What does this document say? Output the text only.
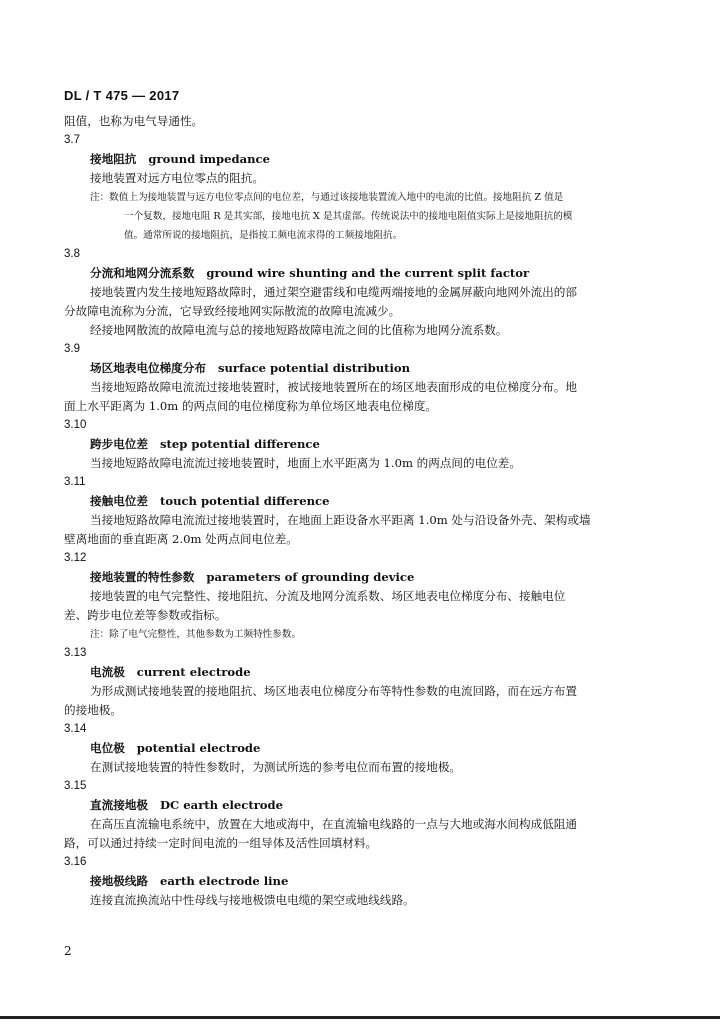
DL / T 475 — 2017

阻值，也称为电气导通性。

3.7

接地阻抗 ground impedance

接地装置对远方电位零点的阻抗。

注：数值上为接地装置与远方电位零点间的电位差，与通过该接地装置流入地中的电流的比值。接地阻抗 Z 值是

一个复数，接地电阻 R 是其实部，接地电抗 X 是其虚部。传统说法中的接地电阻值实际上是接地阻抗的模

值。通常所说的接地阻抗，是指按工频电流求得的工频接地阻抗。

3.8

分流和地网分流系数 ground wire shunting and the current split factor

接地装置内发生接地短路故障时，通过架空避雷线和电缆两端接地的金属屏蔽向地网外流出的部

分故障电流称为分流，它导致经接地网实际散流的故障电流减少。

经接地网散流的故障电流与总的接地短路故障电流之间的比值称为地网分流系数。

3.9

场区地表电位梯度分布 surface potential distribution

当接地短路故障电流流过接地装置时，被试接地装置所在的场区地表面形成的电位梯度分布。地

面上水平距离为 1.0m 的两点间的电位梯度称为单位场区地表电位梯度。

3.10

跨步电位差 step potential difference

当接地短路故障电流流过接地装置时，地面上水平距离为 1.0m 的两点间的电位差。

3.11

接触电位差 touch potential difference

当接地短路故障电流流过接地装置时，在地面上距设备水平距离 1.0m 处与沿设备外壳、架构或墙

壁离地面的垂直距离 2.0m 处两点间电位差。

3.12

接地装置的特性参数 parameters of grounding device

接地装置的电气完整性、接地阻抗、分流及地网分流系数、场区地表电位梯度分布、接触电位

差、跨步电位差等参数或指标。

注：除了电气完整性，其他参数为工频特性参数。

3.13

电流极 current electrode

为形成测试接地装置的接地阻抗、场区地表电位梯度分布等特性参数的电流回路，而在远方布置

的接地极。

3.14

电位极 potential electrode

在测试接地装置的特性参数时，为测试所选的参考电位而布置的接地极。

3.15

直流接地极 DC earth electrode

在高压直流输电系统中，放置在大地或海中，在直流输电线路的一点与大地或海水间构成低阻通

路，可以通过持续一定时间电流的一组导体及活性回填材料。

3.16

接地极线路 earth electrode line

连接直流换流站中性母线与接地极馈电电缆的架空或地线线路。

2
